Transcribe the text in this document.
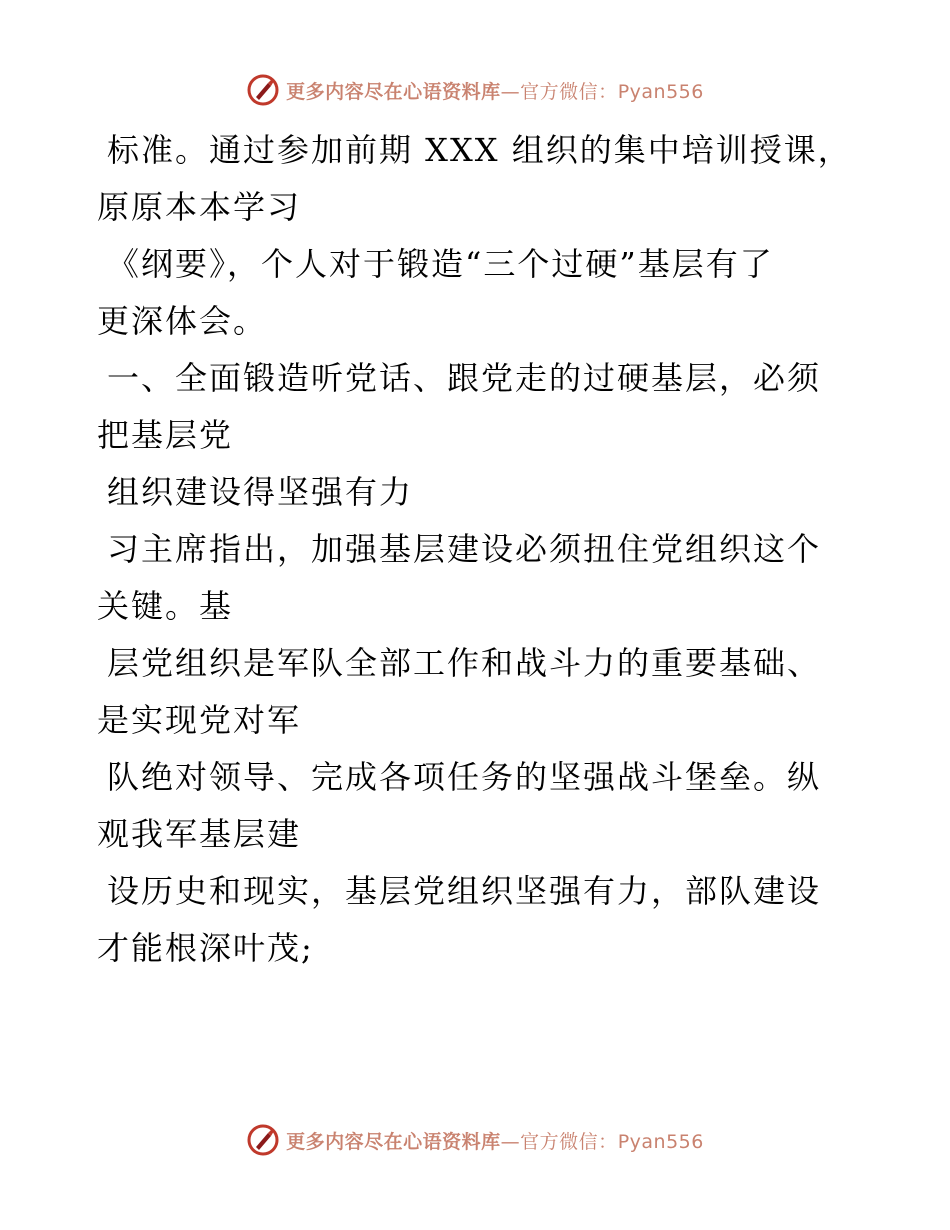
更多内容尽在心语资料库—官方微信：Pyan556
标准。通过参加前期 XXX 组织的集中培训授课，
原原本本学习
《纲要》，个人对于锻造“三个过硬”基层有了
更深体会。
一、全面锻造听党话、跟党走的过硬基层，必须
把基层党
组织建设得坚强有力
习主席指出，加强基层建设必须扭住党组织这个
关键。基
层党组织是军队全部工作和战斗力的重要基础、
是实现党对军
队绝对领导、完成各项任务的坚强战斗堡垒。纵
观我军基层建
设历史和现实，基层党组织坚强有力，部队建设
才能根深叶茂;
更多内容尽在心语资料库—官方微信：Pyan556
